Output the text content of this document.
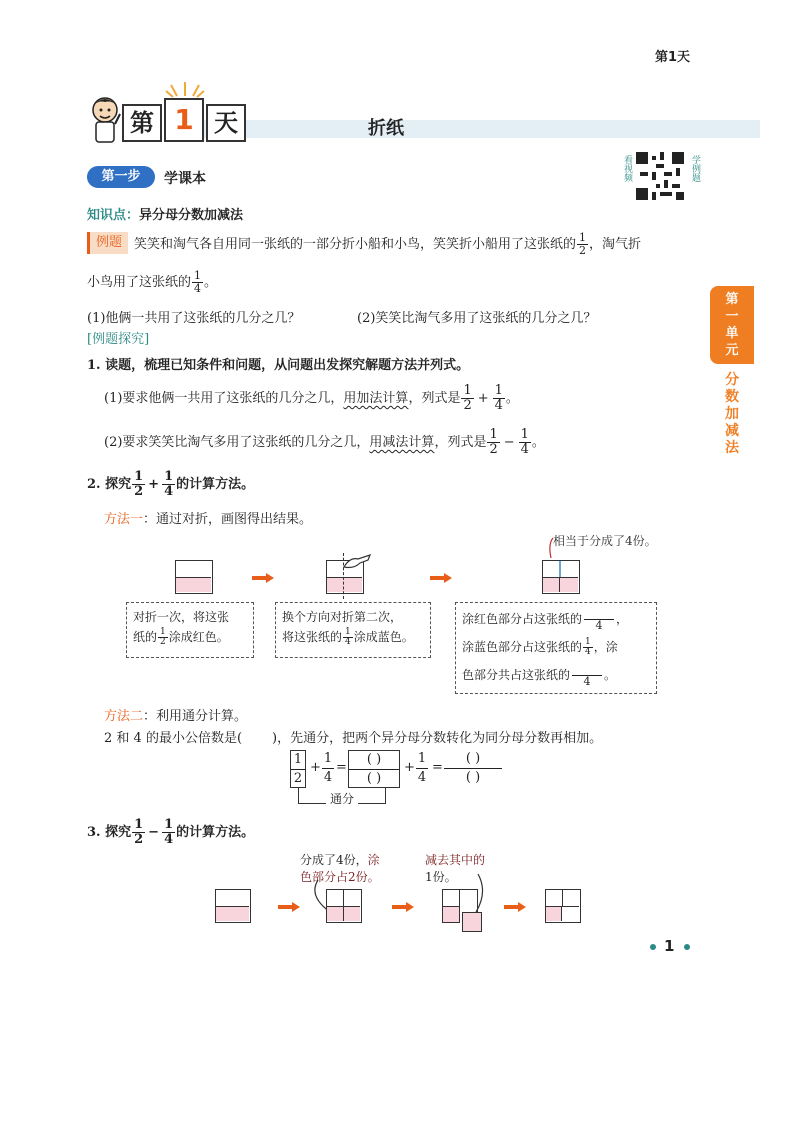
第1天
第 1 天	折纸
第一步	学课本	看视频	学例题
知识点：异分母分数加减法
例题 笑笑和淘气各自用同一张纸的一部分折小船和小鸟，笑笑折小船用了这张纸的 $\frac{1}{2}$ ，淘气折
小鸟用了这张纸的 $\frac{1}{4}$ 。
(1)他俩一共用了这张纸的几分之几？	(2)笑笑比淘气多用了这张纸的几分之几？
[例题探究]
1. 读题，梳理已知条件和问题，从问题出发探究解题方法并列式。
(1)要求他俩一共用了这张纸的几分之几，用加法计算，列式是 $\frac{1}{2} + \frac{1}{4}$ 。
(2)要求笑笑比淘气多用了这张纸的几分之几，用减法计算，列式是 $\frac{1}{2} - \frac{1}{4}$ 。
2. 探究 $\frac{1}{2} + \frac{1}{4}$ 的计算方法。
方法一：通过对折，画图得出结果。
相当于分成了4份。
对折一次，将这张
纸的 $\frac{1}{2}$ 涂成红色。
换个方向对折第二次，
将这张纸的 $\frac{1}{4}$ 涂成蓝色。
涂红色部分占这张纸的 4 ，
涂蓝色部分占这张纸的 $\frac{1}{4}$ ，涂
色部分共占这张纸的 4 。
方法二：利用通分计算。
2 和 4 的最小公倍数是( )，先通分，把两个异分母分数转化为同分母分数再相加。
1
2
+
1
4
=
( )
( )
+
1
4
=
( )
( )
通分
3. 探究 $\frac{1}{2} - \frac{1}{4}$ 的计算方法。
分成了4份，涂
色部分占2份。
减去其中的
1份。
第
一
单
元
分
数
加
减
法
1
